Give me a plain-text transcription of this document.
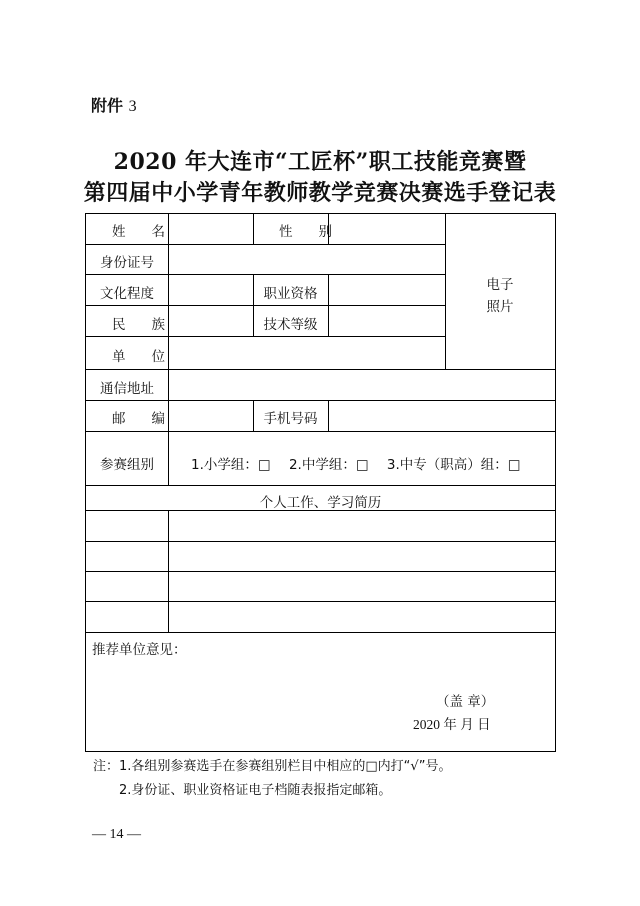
附件 3
2020 年大连市“工匠杯”职工技能竞赛暨
第四届中小学青年教师教学竞赛决赛选手登记表
姓名	性别
身份证号
文化程度	职业资格
民族	技术等级
单位
通信地址
邮编	手机号码
电子
照片
参赛组别	1.小学组：□ 2.中学组：□ 3.中专（职高）组：□
个人工作、学习简历
推荐单位意见：
（盖 章）
2020 年 月 日
注：1.各组别参赛选手在参赛组别栏目中相应的□内打“√”号。
2.身份证、职业资格证电子档随表报指定邮箱。
— 14 —
